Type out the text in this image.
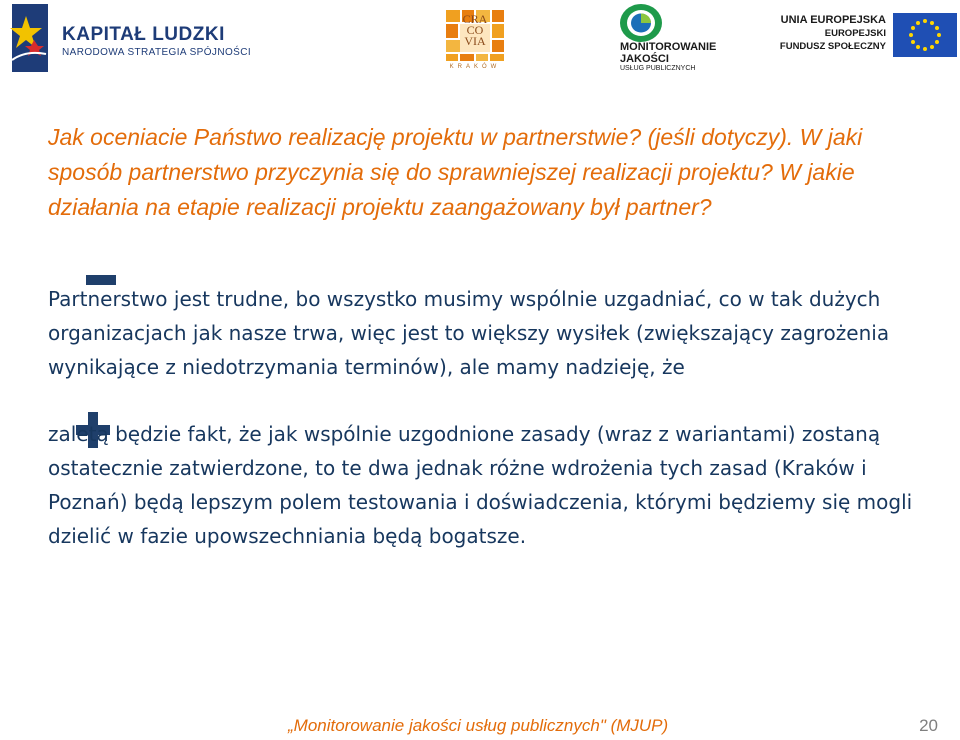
KAPITAŁ LUDZKI
NARODOWA STRATEGIA SPÓJNOŚCI
CRA
CO
VIA
KRAKÓW
MONITOROWANIE
JAKOŚCI
USŁUG PUBLICZNYCH
UNIA EUROPEJSKA
EUROPEJSKI
FUNDUSZ SPOŁECZNY
Jak oceniacie Państwo realizację projektu w partnerstwie? (jeśli dotyczy). W jaki sposób partnerstwo przyczynia się do sprawniejszej realizacji projektu? W jakie działania na etapie realizacji projektu zaangażowany był partner?

Partnerstwo jest trudne, bo wszystko musimy wspólnie uzgadniać, co w tak dużych organizacjach jak nasze trwa, więc jest to większy wysiłek (zwiększający zagrożenia wynikające z niedotrzymania terminów), ale mamy nadzieję, że

zaletą będzie fakt, że jak wspólnie uzgodnione zasady (wraz z wariantami) zostaną ostatecznie zatwierdzone, to te dwa jednak różne wdrożenia tych zasad (Kraków i Poznań) będą lepszym polem testowania i doświadczenia, którymi będziemy się mogli dzielić w fazie upowszechniania będą bogatsze.

„Monitorowanie jakości usług publicznych" (MJUP)	20
